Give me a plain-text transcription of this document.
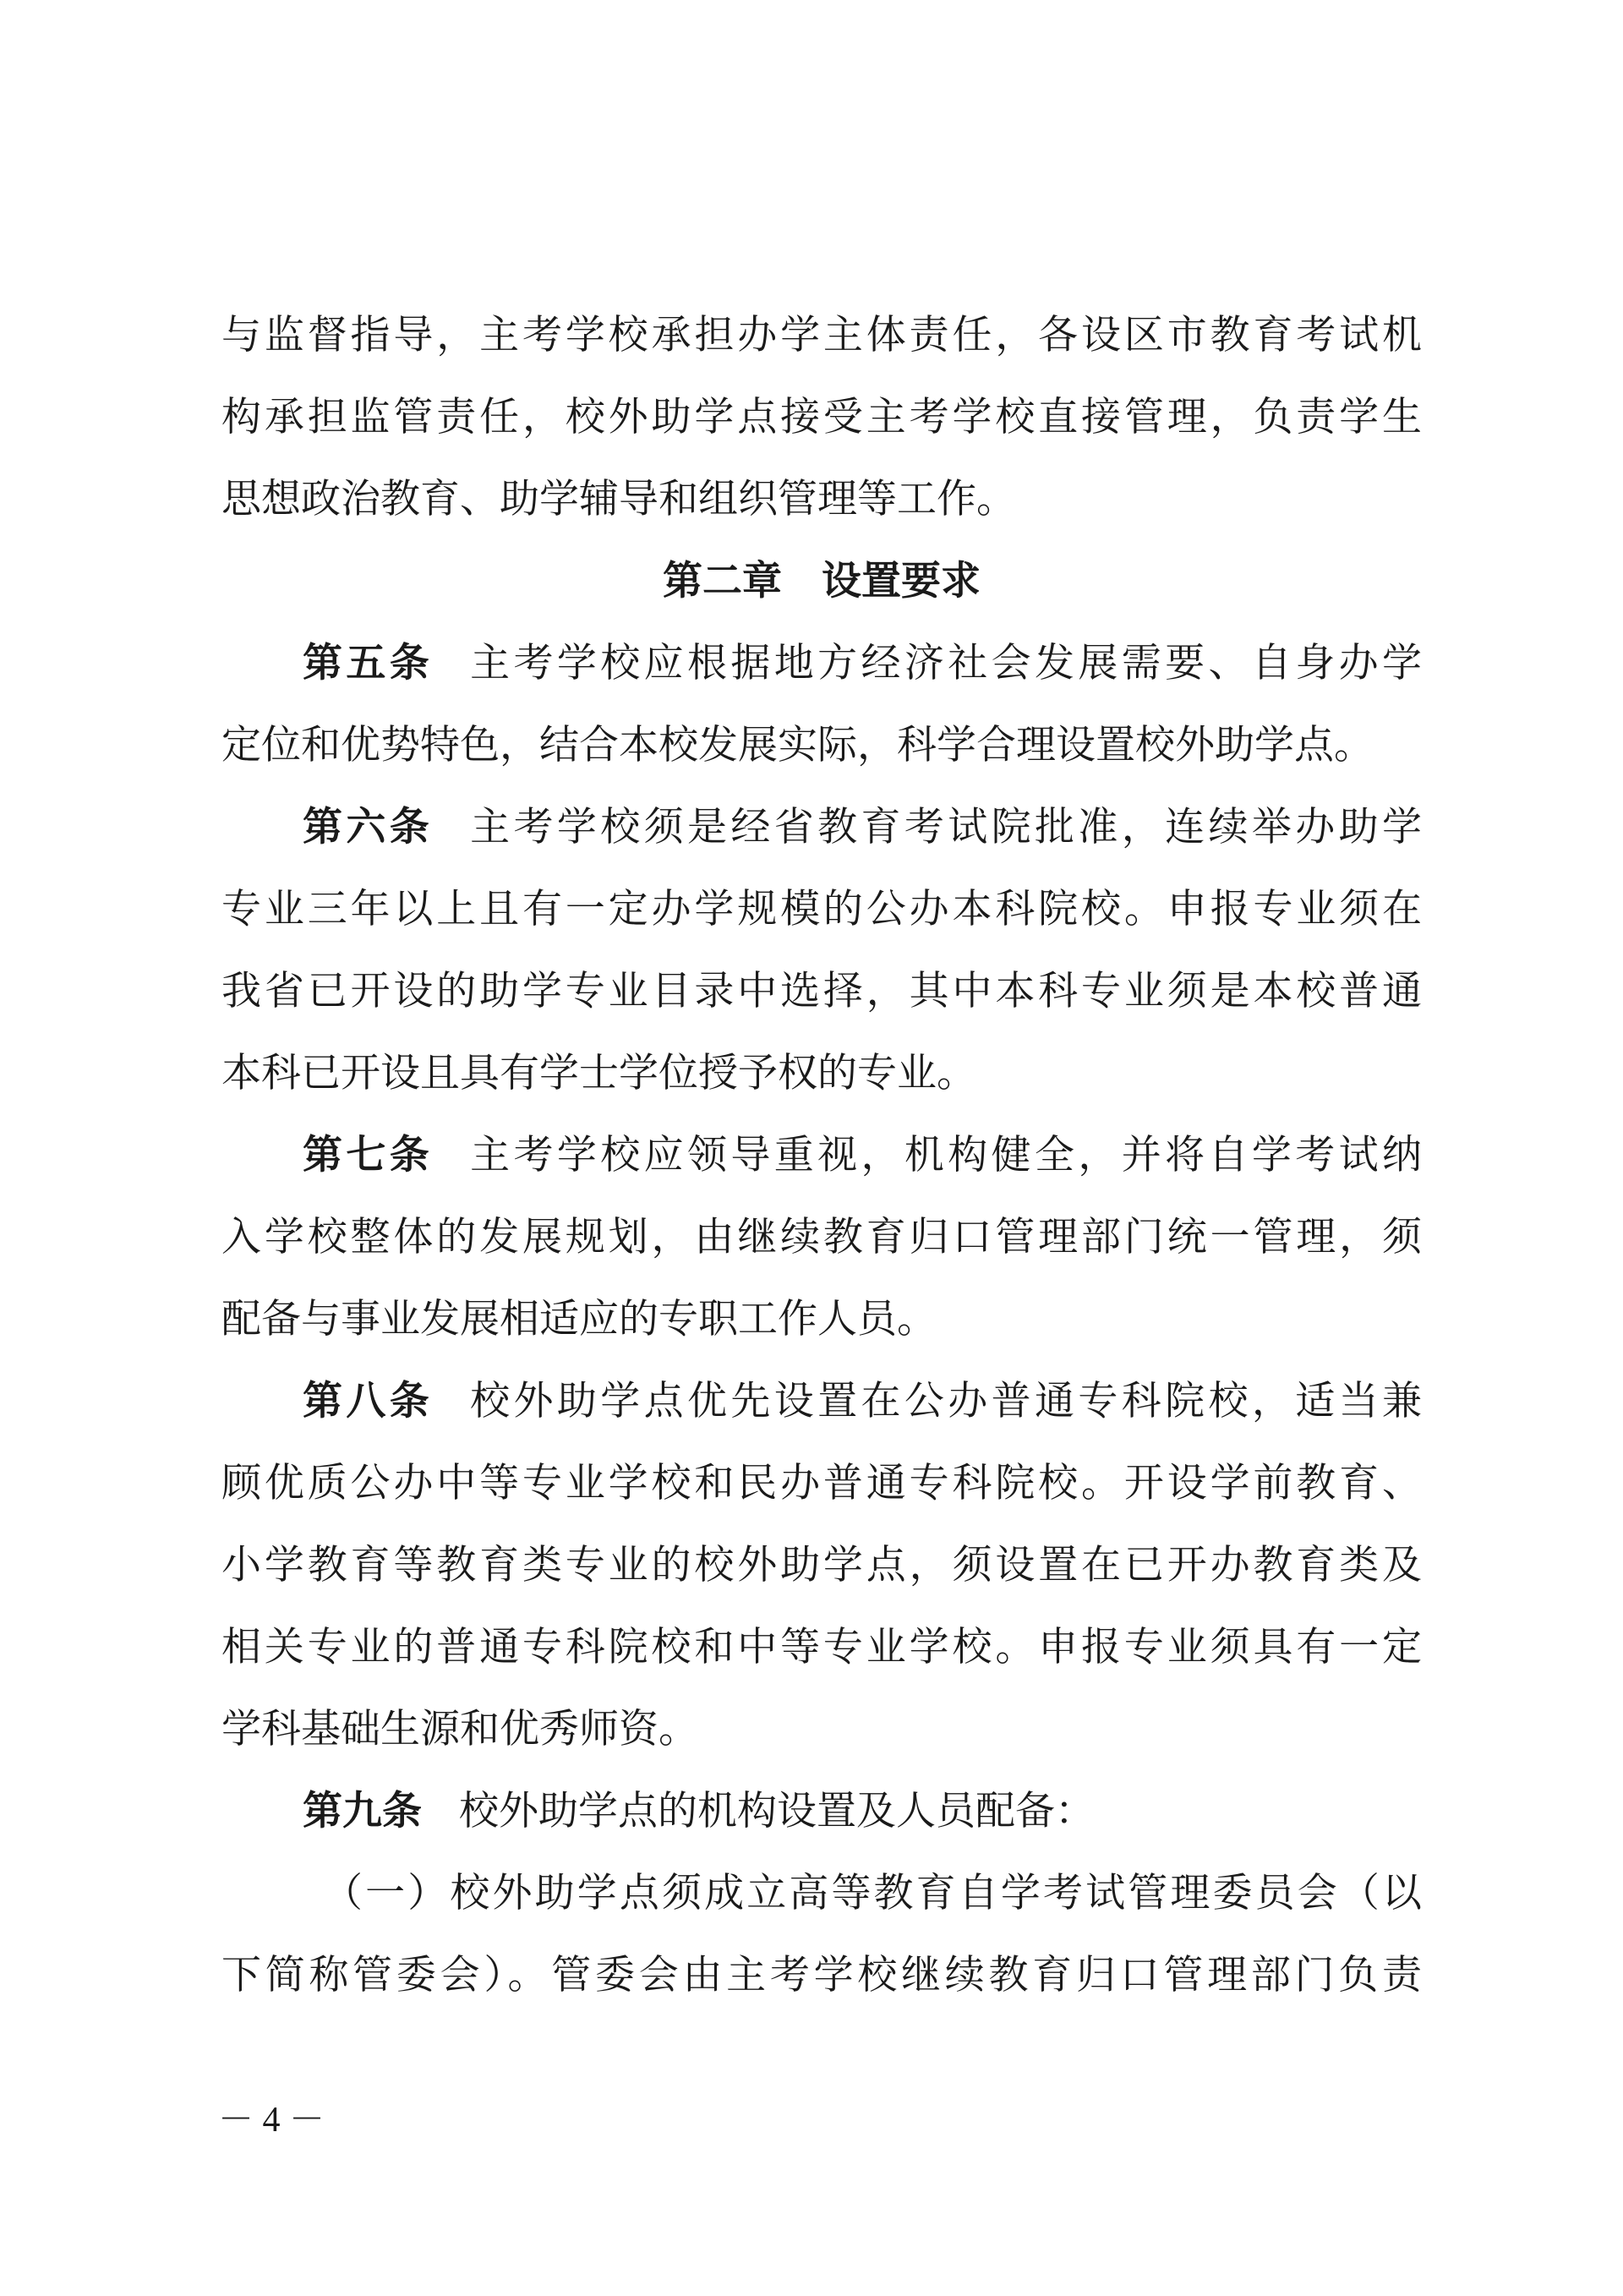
与监督指导，主考学校承担办学主体责任，各设区市教育考试机
构承担监管责任，校外助学点接受主考学校直接管理，负责学生
思想政治教育、助学辅导和组织管理等工作。
第二章　设置要求
第五条 主考学校应根据地方经济社会发展需要、自身办学
定位和优势特色，结合本校发展实际，科学合理设置校外助学点。
第六条 主考学校须是经省教育考试院批准，连续举办助学
专业三年以上且有一定办学规模的公办本科院校。申报专业须在
我省已开设的助学专业目录中选择，其中本科专业须是本校普通
本科已开设且具有学士学位授予权的专业。
第七条 主考学校应领导重视，机构健全，并将自学考试纳
入学校整体的发展规划，由继续教育归口管理部门统一管理，须
配备与事业发展相适应的专职工作人员。
第八条 校外助学点优先设置在公办普通专科院校，适当兼
顾优质公办中等专业学校和民办普通专科院校。开设学前教育、
小学教育等教育类专业的校外助学点，须设置在已开办教育类及
相关专业的普通专科院校和中等专业学校。申报专业须具有一定
学科基础生源和优秀师资。
第九条 校外助学点的机构设置及人员配备：
（一）校外助学点须成立高等教育自学考试管理委员会（以
下简称管委会）。管委会由主考学校继续教育归口管理部门负责
－ 4 －
